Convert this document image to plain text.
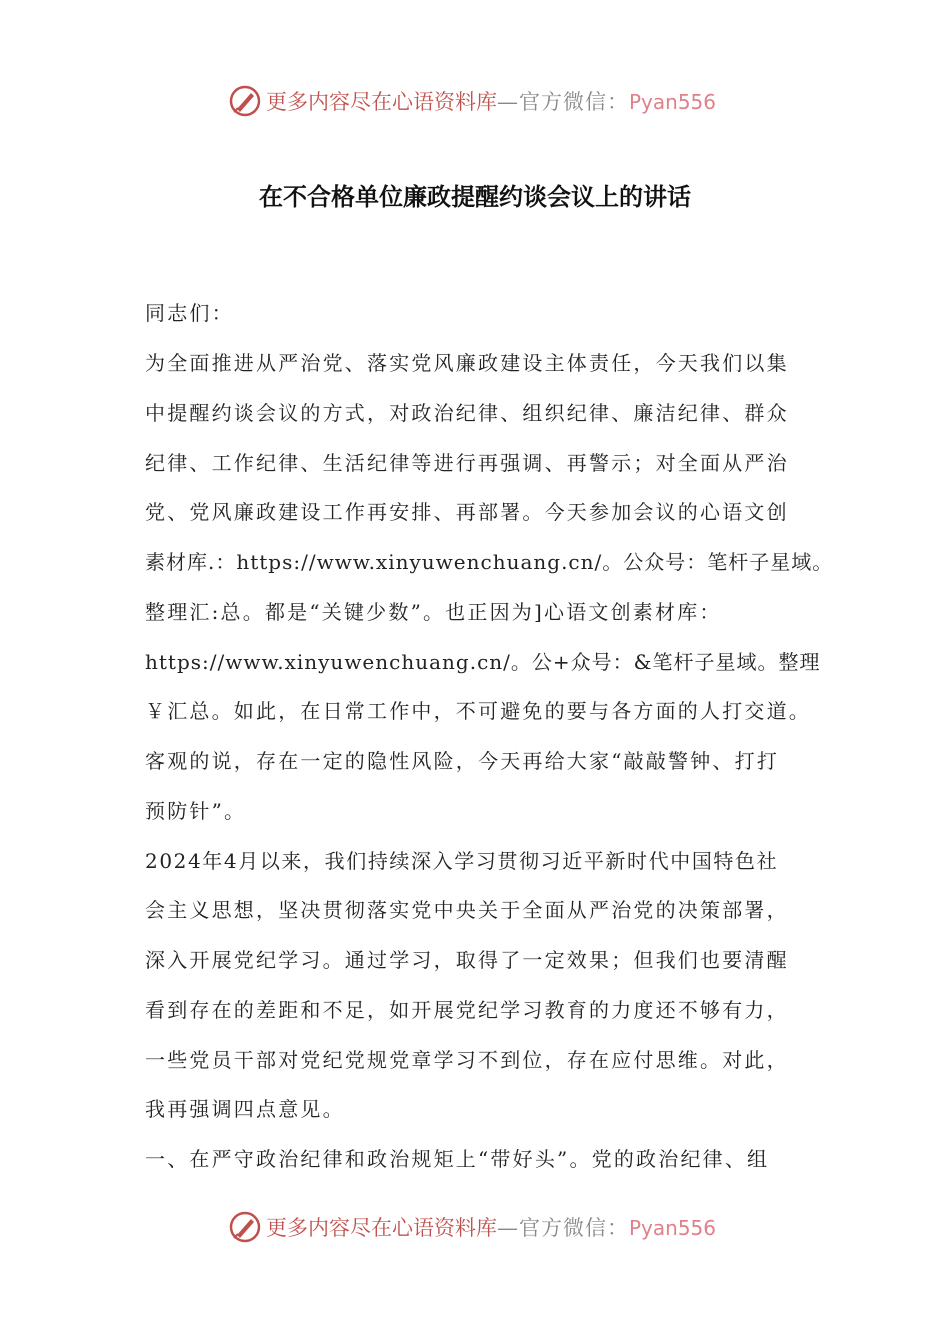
更多内容尽在心语资料库—官方微信：Pyan556
在不合格单位廉政提醒约谈会议上的讲话
同志们：
为全面推进从严治党、落实党风廉政建设主体责任，今天我们以集
中提醒约谈会议的方式，对政治纪律、组织纪律、廉洁纪律、群众
纪律、工作纪律、生活纪律等进行再强调、再警示；对全面从严治
党、党风廉政建设工作再安排、再部署。今天参加会议的心语文创
素材库.：https://www.xinyuwenchuang.cn/。公众号：笔杆子星域。
整理汇:总。都是“关键少数”。也正因为]心语文创素材库：
https://www.xinyuwenchuang.cn/。公+众号：&笔杆子星域。整理
￥汇总。如此，在日常工作中，不可避免的要与各方面的人打交道。
客观的说，存在一定的隐性风险，今天再给大家“敲敲警钟、打打
预防针”。
2024年4月以来，我们持续深入学习贯彻习近平新时代中国特色社
会主义思想，坚决贯彻落实党中央关于全面从严治党的决策部署，
深入开展党纪学习。通过学习，取得了一定效果；但我们也要清醒
看到存在的差距和不足，如开展党纪学习教育的力度还不够有力，
一些党员干部对党纪党规党章学习不到位，存在应付思维。对此，
我再强调四点意见。
一、在严守政治纪律和政治规矩上“带好头”。党的政治纪律、组
更多内容尽在心语资料库—官方微信：Pyan556
